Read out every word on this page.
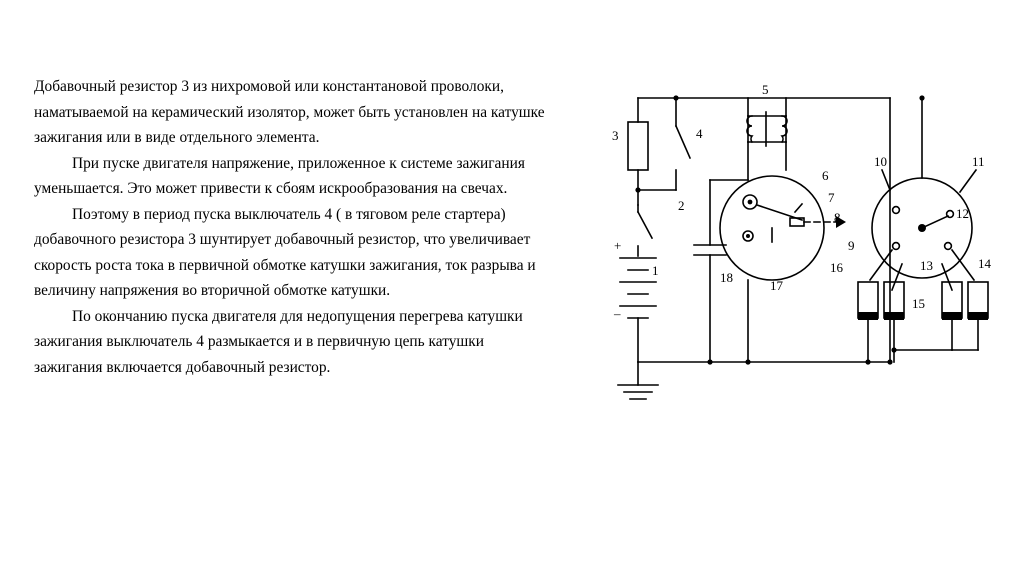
Добавочный резистор 3 из нихромовой или константановой проволоки, наматываемой на керамический изолятор, может быть установлен на катушке зажигания или в виде отдельного элемента.

При пуске двигателя напряжение, приложенное к системе зажигания уменьшается. Это может привести к сбоям искрообразования на свечах.

Поэтому в период пуска выключатель 4 ( в тяговом реле стартера) добавочного резистора 3 шунтирует добавочный резистор, что увеличивает скорость роста тока в первичной обмотке катушки зажигания, ток разрыва и величину напряжения во вторичной обмотке катушки.

По окончанию пуска двигателя для недопущения перегрева катушки зажигания выключатель 4 размыкается и в первичную цепь катушки зажигания включается добавочный резистор.

+
–
1
2
3	4
5
6
7
8
9
10	11
12
13	14
15
16
17
18
